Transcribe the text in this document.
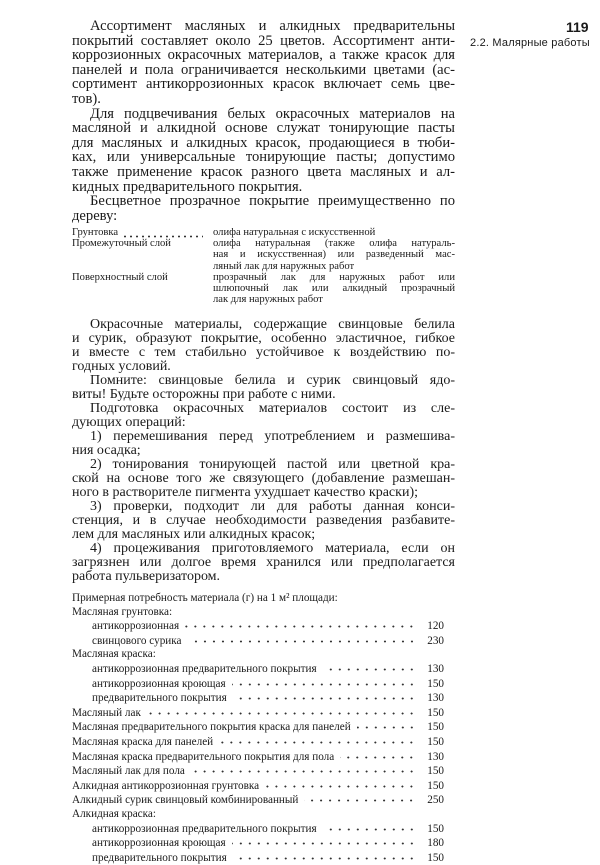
119
2.2. Малярные работы
Ассортимент масляных и алкидных предварительны
покрытий составляет около 25 цветов. Ассортимент анти-
коррозионных окрасочных материалов, а также красок для
панелей и пола ограничивается несколькими цветами (ас-
сортимент антикоррозионных красок включает семь цве-
тов).
Для подцвечивания белых окрасочных материалов на
масляной и алкидной основе служат тонирующие пасты
для масляных и алкидных красок, продающиеся в тюби-
ках, или универсальные тонирующие пасты; допустимо
также применение красок разного цвета масляных и ал-
кидных предварительного покрытия.
Бесцветное прозрачное покрытие преимущественно по
дереву:
Грунтовка	олифа натуральная с искусственной
Промежуточный слой	олифа натуральная (также олифа натураль-
ная и искусственная) или разведенный мас-
ляный лак для наружных работ
Поверхностный слой	прозрачный лак для наружных работ или
шлюпочный лак или алкидный прозрачный
лак для наружных работ
Окрасочные материалы, содержащие свинцовые белила
и сурик, образуют покрытие, особенно эластичное, гибкое
и вместе с тем стабильно устойчивое к воздействию по-
годных условий.
Помните: свинцовые белила и сурик свинцовый ядо-
виты! Будьте осторожны при работе с ними.
Подготовка окрасочных материалов состоит из сле-
дующих операций:
1) перемешивания перед употреблением и размешива-
ния осадка;
2) тонирования тонирующей пастой или цветной кра-
ской на основе того же связующего (добавление размешан-
ного в растворителе пигмента ухудшает качество краски);
3) проверки, подходит ли для работы данная конси-
стенция, и в случае необходимости разведения разбавите-
лем для масляных или алкидных красок;
4) процеживания приготовляемого материала, если он
загрязнен или долгое время хранился или предполагается
работа пульверизатором.
Примерная потребность материала (г) на 1 м² площади:
Масляная грунтовка:
антикоррозионная	120
свинцового сурика	230
Масляная краска:
антикоррозионная предварительного покрытия	130
антикоррозионная кроющая	150
предварительного покрытия	130
Масляный лак	150
Масляная предварительного покрытия краска для панелей	150
Масляная краска для панелей	150
Масляная краска предварительного покрытия для пола	130
Масляный лак для пола	150
Алкидная антикоррозионная грунтовка	150
Алкидный сурик свинцовый комбинированный	250
Алкидная краска:
антикоррозионная предварительного покрытия	150
антикоррозионная кроющая	180
предварительного покрытия	150
